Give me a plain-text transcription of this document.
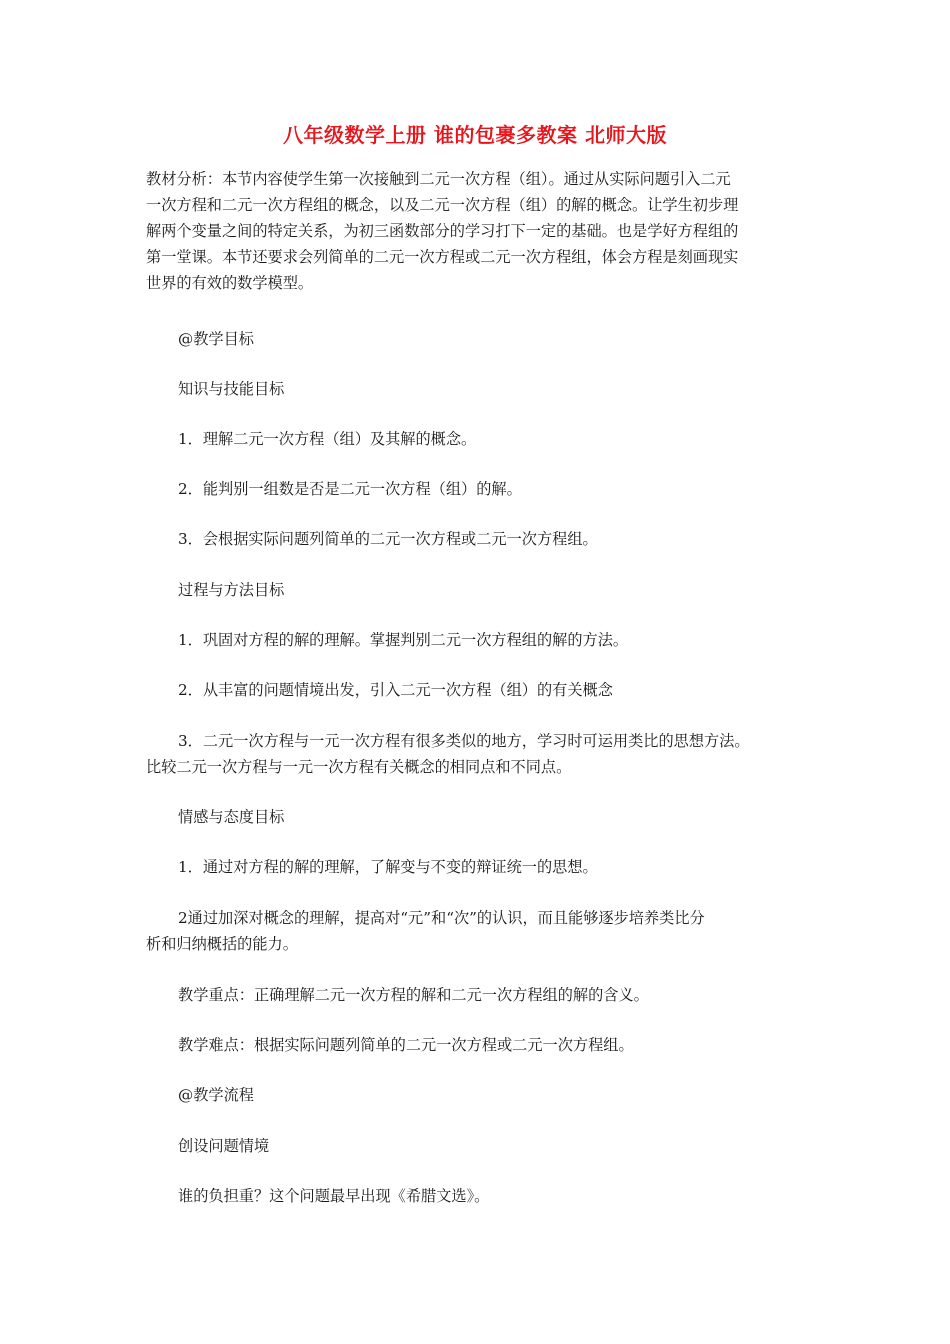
八年级数学上册 谁的包裹多教案 北师大版
教材分析：本节内容使学生第一次接触到二元一次方程（组）。通过从实际问题引入二元
一次方程和二元一次方程组的概念，以及二元一次方程（组）的解的概念。让学生初步理
解两个变量之间的特定关系，为初三函数部分的学习打下一定的基础。也是学好方程组的
第一堂课。本节还要求会列简单的二元一次方程或二元一次方程组，体会方程是刻画现实
世界的有效的数学模型。
@教学目标
知识与技能目标
1．理解二元一次方程（组）及其解的概念。
2．能判别一组数是否是二元一次方程（组）的解。
3．会根据实际问题列简单的二元一次方程或二元一次方程组。
过程与方法目标
1．巩固对方程的解的理解。掌握判别二元一次方程组的解的方法。
2．从丰富的问题情境出发，引入二元一次方程（组）的有关概念
3．二元一次方程与一元一次方程有很多类似的地方，学习时可运用类比的思想方法。
比较二元一次方程与一元一次方程有关概念的相同点和不同点。
情感与态度目标
1．通过对方程的解的理解，了解变与不变的辩证统一的思想。
2通过加深对概念的理解，提高对“元”和“次”的认识，而且能够逐步培养类比分
析和归纳概括的能力。
教学重点：正确理解二元一次方程的解和二元一次方程组的解的含义。
教学难点：根据实际问题列简单的二元一次方程或二元一次方程组。
@教学流程
创设问题情境
谁的负担重？这个问题最早出现《希腊文选》。
